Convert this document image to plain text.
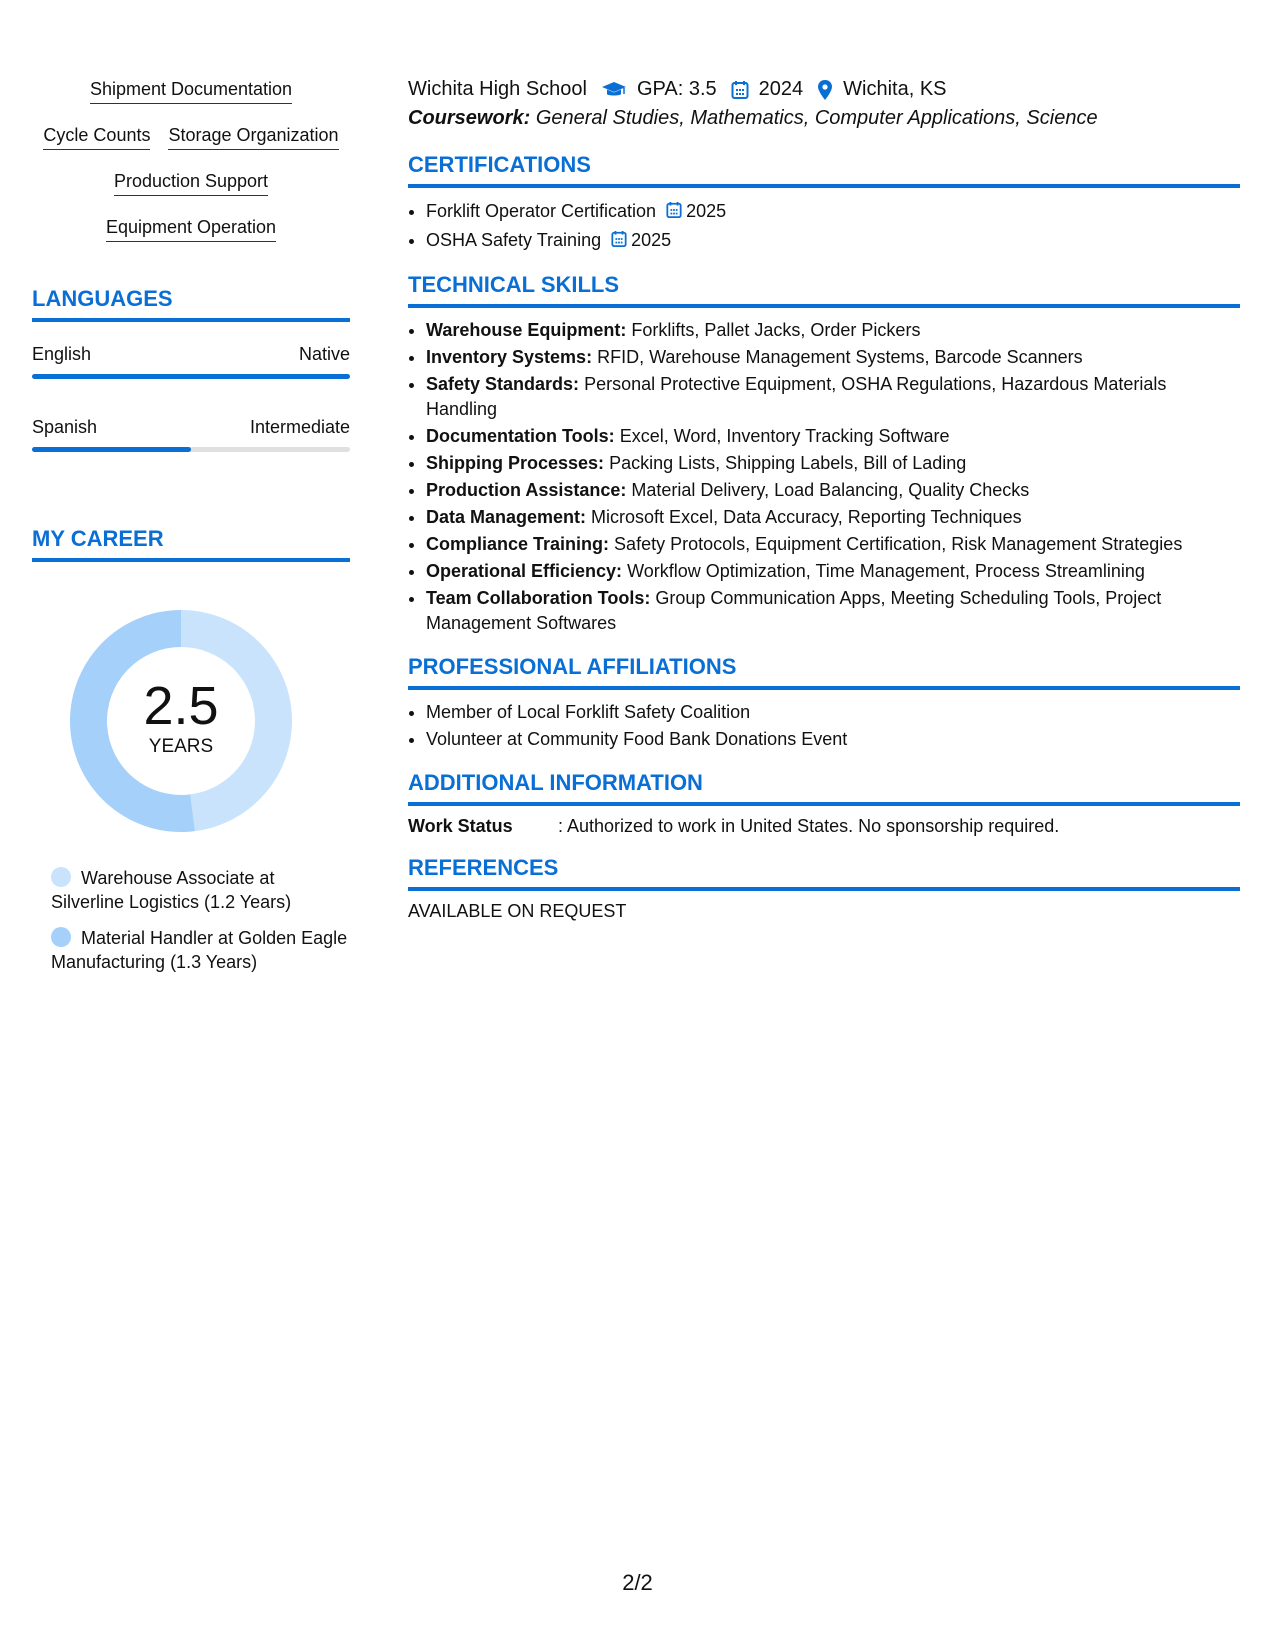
Shipment Documentation
Cycle Counts Storage Organization
Production Support
Equipment Operation
LANGUAGES
English	Native
Spanish	Intermediate
MY CAREER
2.5
YEARS
Warehouse Associate at Silverline Logistics (1.2 Years)
Material Handler at Golden Eagle Manufacturing (1.3 Years)
Wichita High School	GPA: 3.5 2024 Wichita, KS
Coursework: General Studies, Mathematics, Computer Applications, Science
CERTIFICATIONS
• Forklift Operator Certification 2025
• OSHA Safety Training 2025
TECHNICAL SKILLS
• Warehouse Equipment: Forklifts, Pallet Jacks, Order Pickers
• Inventory Systems: RFID, Warehouse Management Systems, Barcode Scanners
• Safety Standards: Personal Protective Equipment, OSHA Regulations, Hazardous Materials Handling
• Documentation Tools: Excel, Word, Inventory Tracking Software
• Shipping Processes: Packing Lists, Shipping Labels, Bill of Lading
• Production Assistance: Material Delivery, Load Balancing, Quality Checks
• Data Management: Microsoft Excel, Data Accuracy, Reporting Techniques
• Compliance Training: Safety Protocols, Equipment Certification, Risk Management Strategies
• Operational Efficiency: Workflow Optimization, Time Management, Process Streamlining
• Team Collaboration Tools: Group Communication Apps, Meeting Scheduling Tools, Project Management Softwares
PROFESSIONAL AFFILIATIONS
• Member of Local Forklift Safety Coalition
• Volunteer at Community Food Bank Donations Event
ADDITIONAL INFORMATION
Work Status	: Authorized to work in United States. No sponsorship required.
REFERENCES
AVAILABLE ON REQUEST
2/2
